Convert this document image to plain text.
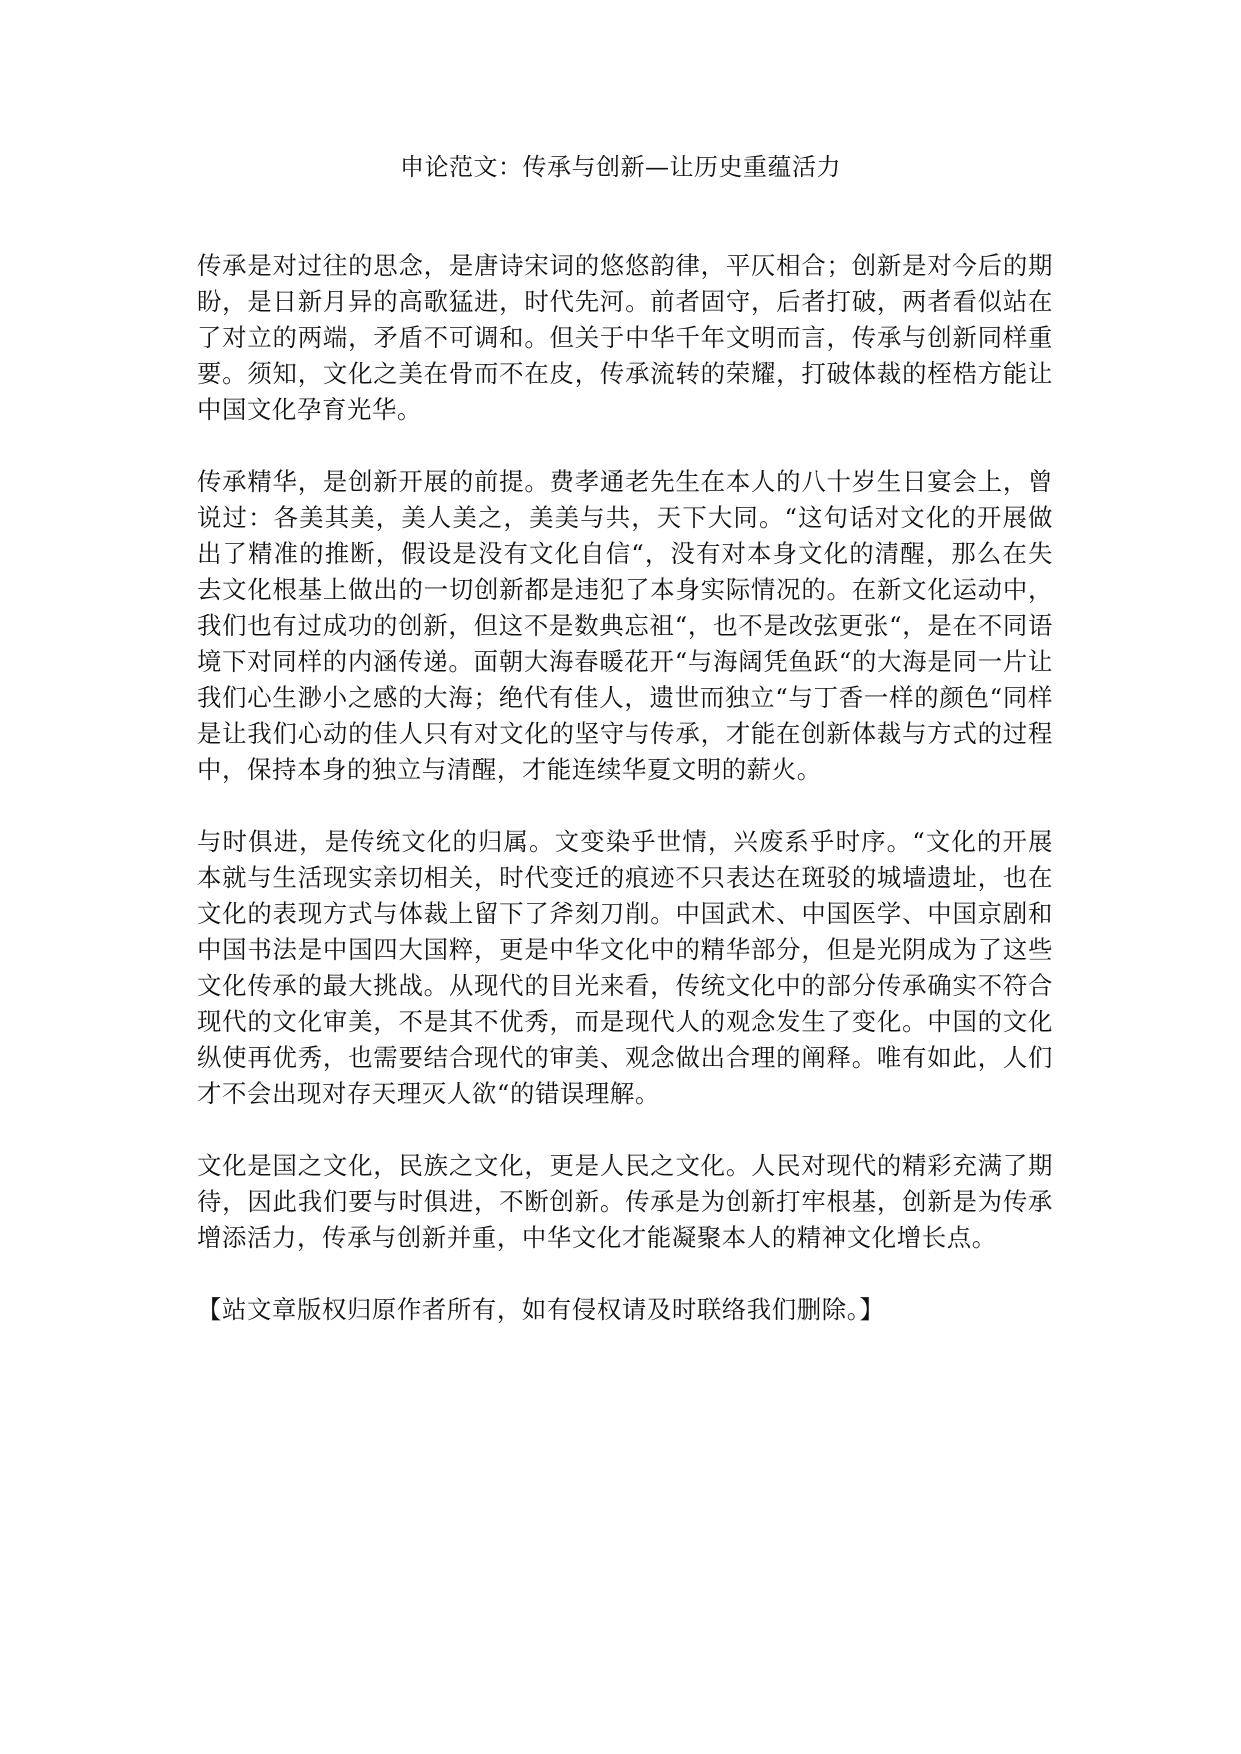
申论范文：传承与创新—让历史重蕴活力

传承是对过往的思念，是唐诗宋词的悠悠韵律，平仄相合；创新是对今后的期盼，是日新月异的高歌猛进，时代先河。前者固守，后者打破，两者看似站在了对立的两端，矛盾不可调和。但关于中华千年文明而言，传承与创新同样重要。须知，文化之美在骨而不在皮，传承流转的荣耀，打破体裁的桎梏方能让中国文化孕育光华。

传承精华，是创新开展的前提。费孝通老先生在本人的八十岁生日宴会上，曾说过：各美其美，美人美之，美美与共，天下大同。“这句话对文化的开展做出了精准的推断，假设是没有文化自信“，没有对本身文化的清醒，那么在失去文化根基上做出的一切创新都是违犯了本身实际情况的。在新文化运动中，我们也有过成功的创新，但这不是数典忘祖“，也不是改弦更张“，是在不同语境下对同样的内涵传递。面朝大海春暖花开“与海阔凭鱼跃“的大海是同一片让我们心生渺小之感的大海；绝代有佳人，遗世而独立“与丁香一样的颜色“同样是让我们心动的佳人只有对文化的坚守与传承，才能在创新体裁与方式的过程中，保持本身的独立与清醒，才能连续华夏文明的薪火。

与时俱进，是传统文化的归属。文变染乎世情，兴废系乎时序。“文化的开展本就与生活现实亲切相关，时代变迁的痕迹不只表达在斑驳的城墙遗址，也在文化的表现方式与体裁上留下了斧刻刀削。中国武术、中国医学、中国京剧和中国书法是中国四大国粹，更是中华文化中的精华部分，但是光阴成为了这些文化传承的最大挑战。从现代的目光来看，传统文化中的部分传承确实不符合现代的文化审美，不是其不优秀，而是现代人的观念发生了变化。中国的文化纵使再优秀，也需要结合现代的审美、观念做出合理的阐释。唯有如此，人们才不会出现对存天理灭人欲“的错误理解。

文化是国之文化，民族之文化，更是人民之文化。人民对现代的精彩充满了期待，因此我们要与时俱进，不断创新。传承是为创新打牢根基，创新是为传承增添活力，传承与创新并重，中华文化才能凝聚本人的精神文化增长点。

【站文章版权归原作者所有，如有侵权请及时联络我们删除。】
